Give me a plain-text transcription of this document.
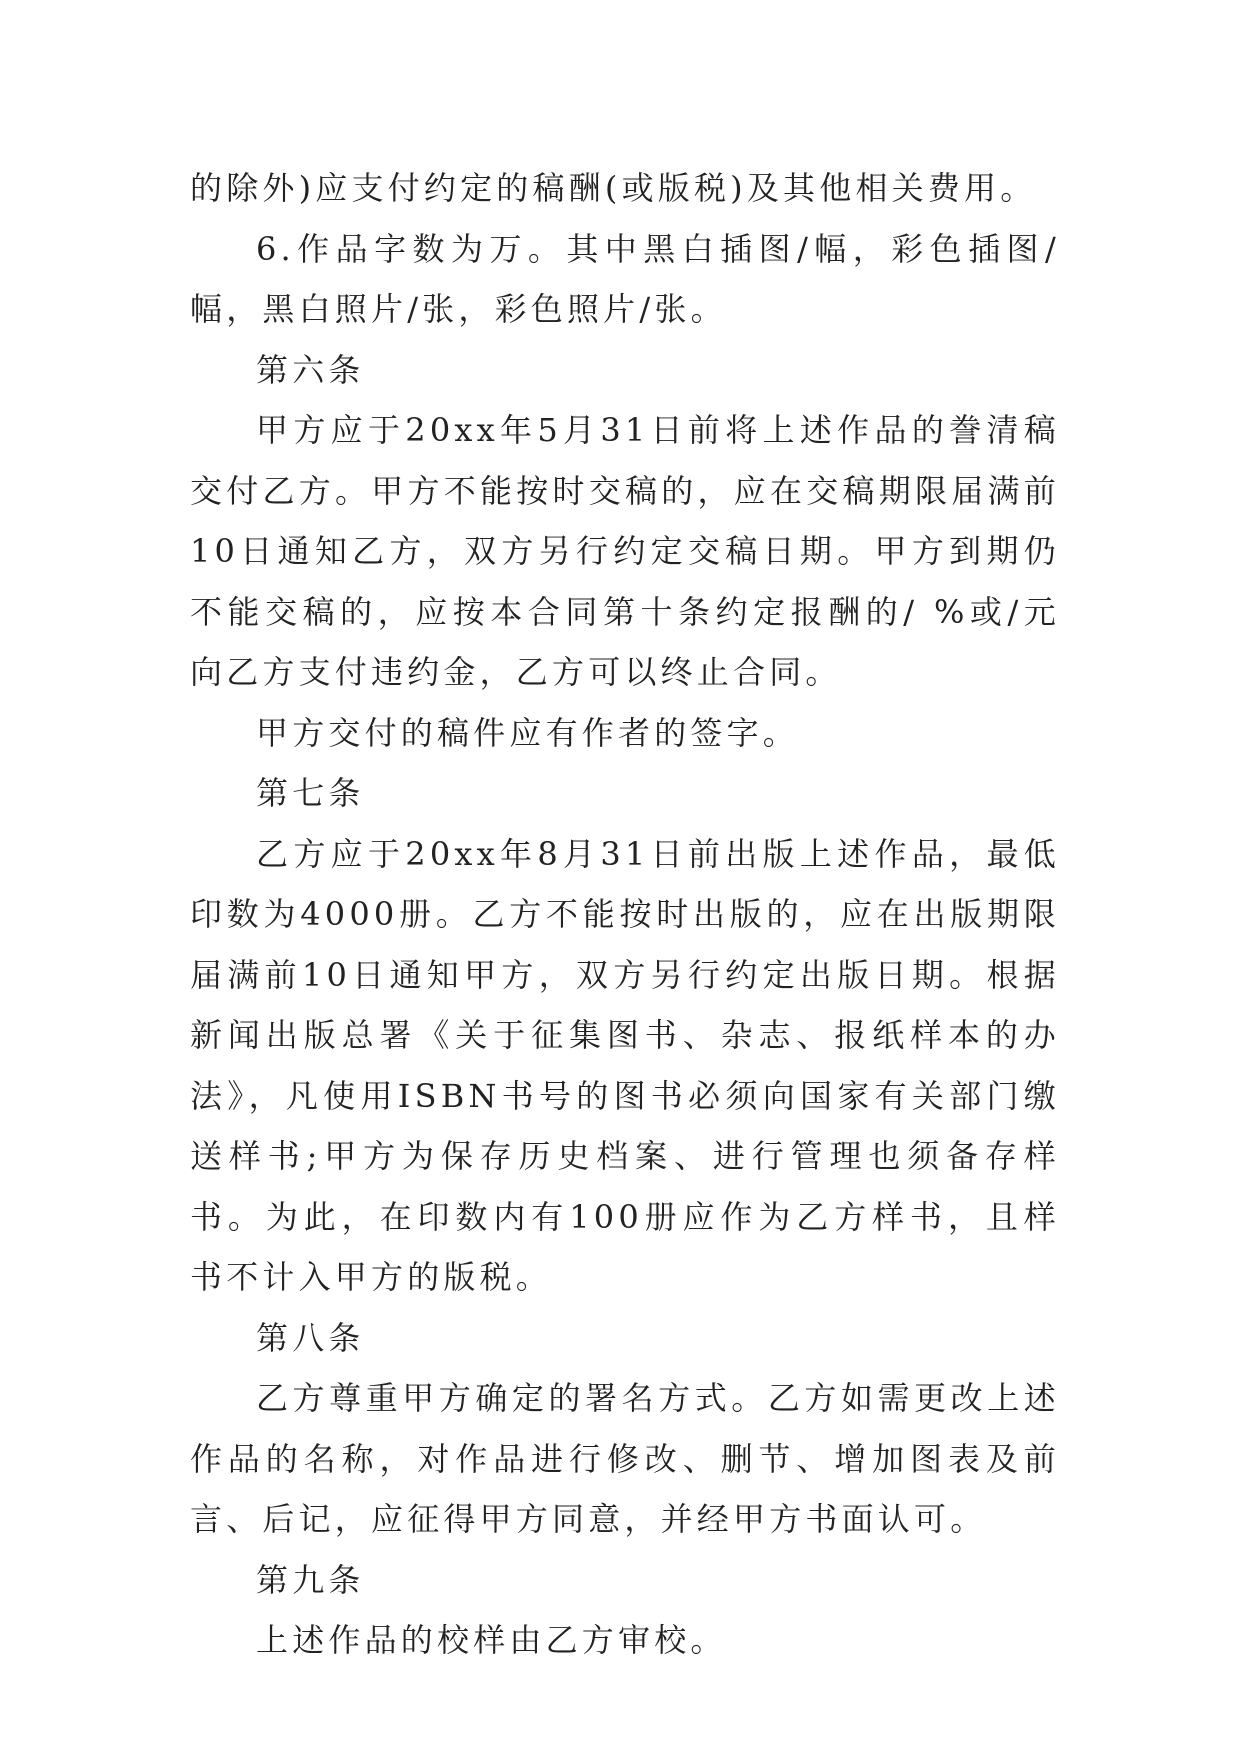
的除外)应支付约定的稿酬(或版税)及其他相关费用。

6.作品字数为万。其中黑白插图/幅，彩色插图/幅，黑白照片/张，彩色照片/张。

第六条

甲方应于20xx年5月31日前将上述作品的誊清稿交付乙方。甲方不能按时交稿的，应在交稿期限届满前10日通知乙方，双方另行约定交稿日期。甲方到期仍不能交稿的，应按本合同第十条约定报酬的/ %或/元向乙方支付违约金，乙方可以终止合同。

甲方交付的稿件应有作者的签字。

第七条

乙方应于20xx年8月31日前出版上述作品，最低印数为4000册。乙方不能按时出版的，应在出版期限届满前10日通知甲方，双方另行约定出版日期。根据新闻出版总署《关于征集图书、杂志、报纸样本的办法》，凡使用ISBN书号的图书必须向国家有关部门缴送样书;甲方为保存历史档案、进行管理也须备存样书。为此，在印数内有100册应作为乙方样书，且样书不计入甲方的版税。

第八条

乙方尊重甲方确定的署名方式。乙方如需更改上述作品的名称，对作品进行修改、删节、增加图表及前言、后记，应征得甲方同意，并经甲方书面认可。

第九条

上述作品的校样由乙方审校。
